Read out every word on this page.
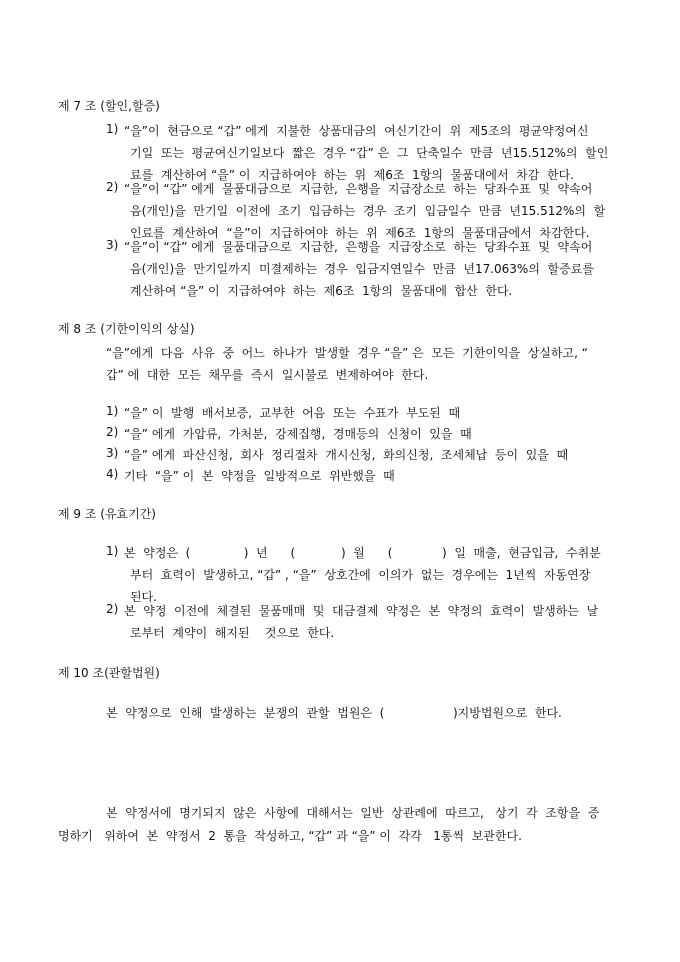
제 7 조 (할인,할증)
1) “을”이  현금으로 “갑” 에게  지불한  상품대금의  여신기간이  위  제5조의  평균약정여신
기일  또는  평균여신기일보다  짧은  경우 “갑” 은  그  단축일수  만큼  년15.512%의  할인
료를  계산하여 “을” 이  지급하여야  하는  위  제6조  1항의  물품대에서  차감  한다.
2) “을”이 “갑” 에게  물품대금으로  지급한,  은행을  지급장소로  하는  당좌수표  및  약속어
음(개인)을  만기일  이전에  조기  입금하는  경우  조기  입금일수  만큼  년15.512%의  할
인료를  계산하여  “을”이  지급하여야  하는  위  제6조  1항의  물품대금에서  차감한다.
3) “을”이 “갑” 에게  물품대금으로  지급한,  은행을  지급장소로  하는  당좌수표  및  약속어
음(개인)을  만기일까지  미결제하는  경우  입금지연일수  만큼  년17.063%의  할증료를
계산하여 “을” 이  지급하여야  하는  제6조  1항의  물품대에  합산  한다.
제 8 조 (기한이익의 상실)
“을”에게  다음  사유  중  어느  하나가  발생할  경우 “을” 은  모든  기한이익을  상실하고, “
갑” 에  대한  모든  채무를  즉시  일시불로  변제하여야  한다.
1) “을” 이  발행  배서보증,  교부한  어음  또는  수표가  부도된  때
2) “을” 에게  가압류,  가처분,  강제집행,  경매등의  신청이  있을  때
3) “을” 에게  파산신청,  회사  정리절차  개시신청,  화의신청,  조세체납  등이  있을  때
4) 기타  “을” 이  본  약정을  일방적으로  위반했을  때
제 9 조 (유효기간)
1) 본  약정은  (              )  년      (            )  월      (             )  일  매출,  현금입금,  수취분
부터  효력이  발생하고, “갑” , “을”  상호간에  이의가  없는  경우에는  1년씩  자동연장
된다.
2) 본  약정  이전에  체결된  물품매매  및  대금결제  약정은  본  약정의  효력이  발생하는  날
로부터  계약이  해지된    것으로  한다.
제 10 조(관할법원)
본  약정으로  인해  발생하는  분쟁의  관할  법원은  (                  )지방법원으로  한다.
본  약정서에  명기되지  않은  사항에  대해서는  일반  상관례에  따르고,   상기  각  조항을  증
명하기   위하여  본  약정서  2  통을  작성하고, “갑” 과 “을” 이  각각   1통씩  보관한다.
